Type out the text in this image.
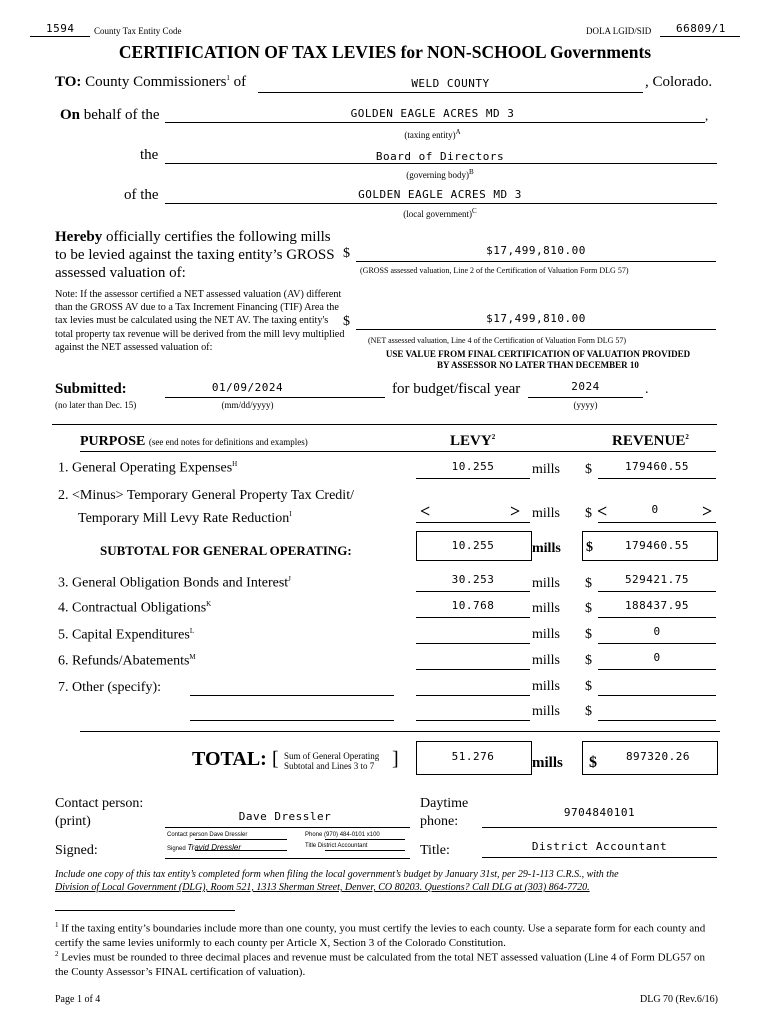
1594 County Tax Entity Code	DOLA LGID/SID 66809/1
CERTIFICATION OF TAX LEVIES for NON-SCHOOL Governments
TO: County Commissioners$^1$ of	WELD COUNTY	, Colorado.
On behalf of the	,
GOLDEN EAGLE ACRES MD 3
(taxing entity)$^A$
the	Board of Directors
(governing body)$^B$
of the	GOLDEN EAGLE ACRES MD 3
(local government)$^C$
Hereby officially certifies the following mills
to be levied against the taxing entity’s GROSS
assessed valuation of:
$	$17,499,810.00
(GROSS assessed valuation, Line 2 of the Certification of Valuation Form DLG 57)
Note: If the assessor certified a NET assessed valuation (AV) different than the GROSS AV due to a Tax Increment Financing (TIF) Area the tax levies must be calculated using the NET AV. The taxing entity's total property tax revenue will be derived from the mill levy multiplied against the NET assessed valuation of:
$	$17,499,810.00
(NET assessed valuation, Line 4 of the Certification of Valuation Form DLG 57)
USE VALUE FROM FINAL CERTIFICATION OF VALUATION PROVIDED
BY ASSESSOR NO LATER THAN DECEMBER 10
Submitted:
(no later than Dec. 15)
01/09/2024
(mm/dd/yyyy)
for budget/fiscal year	2024	.
(yyyy)
PURPOSE (see end notes for definitions and examples)	LEVY$^2$	REVENUE$^2$
1. General Operating Expenses$^H$	10.255	mills $	179460.55
2. <Minus> Temporary General Property Tax Credit/
Temporary Mill Levy Rate Reduction$^I$	<	> mills $ <	0	>
SUBTOTAL FOR GENERAL OPERATING:	10.255	mills $	179460.55
3. General Obligation Bonds and Interest$^J$	30.253	mills $	529421.75
4. Contractual Obligations$^K$	10.768	mills $	188437.95
5. Capital Expenditures$^L$	mills $	0
6. Refunds/Abatements$^M$	mills $	0
7. Other (specify):	mills $
mills $
TOTAL: [ Sum of General Operating
Subtotal and Lines 3 to 7 ]	51.276	mills $	897320.26
Contact person:
(print)	Dave Dressler
Daytime
phone:
9704840101
Signed:
Contact person Dave Dressler
Signed Travid Dressler
Phone (970) 484-0101 x100
Title District Accountant	Title:	District Accountant
Include one copy of this tax entity’s completed form when filing the local government’s budget by January 31st, per 29-1-113 C.R.S., with the
Division of Local Government (DLG), Room 521, 1313 Sherman Street, Denver, CO 80203. Questions? Call DLG at (303) 864-7720.
$^1$ If the taxing entity’s boundaries include more than one county, you must certify the levies to each county. Use a separate form for each county and certify the same levies uniformly to each county per Article X, Section 3 of the Colorado Constitution.
$^2$ Levies must be rounded to three decimal places and revenue must be calculated from the total NET assessed valuation (Line 4 of Form DLG57 on the County Assessor’s FINAL certification of valuation).
Page 1 of 4	DLG 70 (Rev.6/16)
